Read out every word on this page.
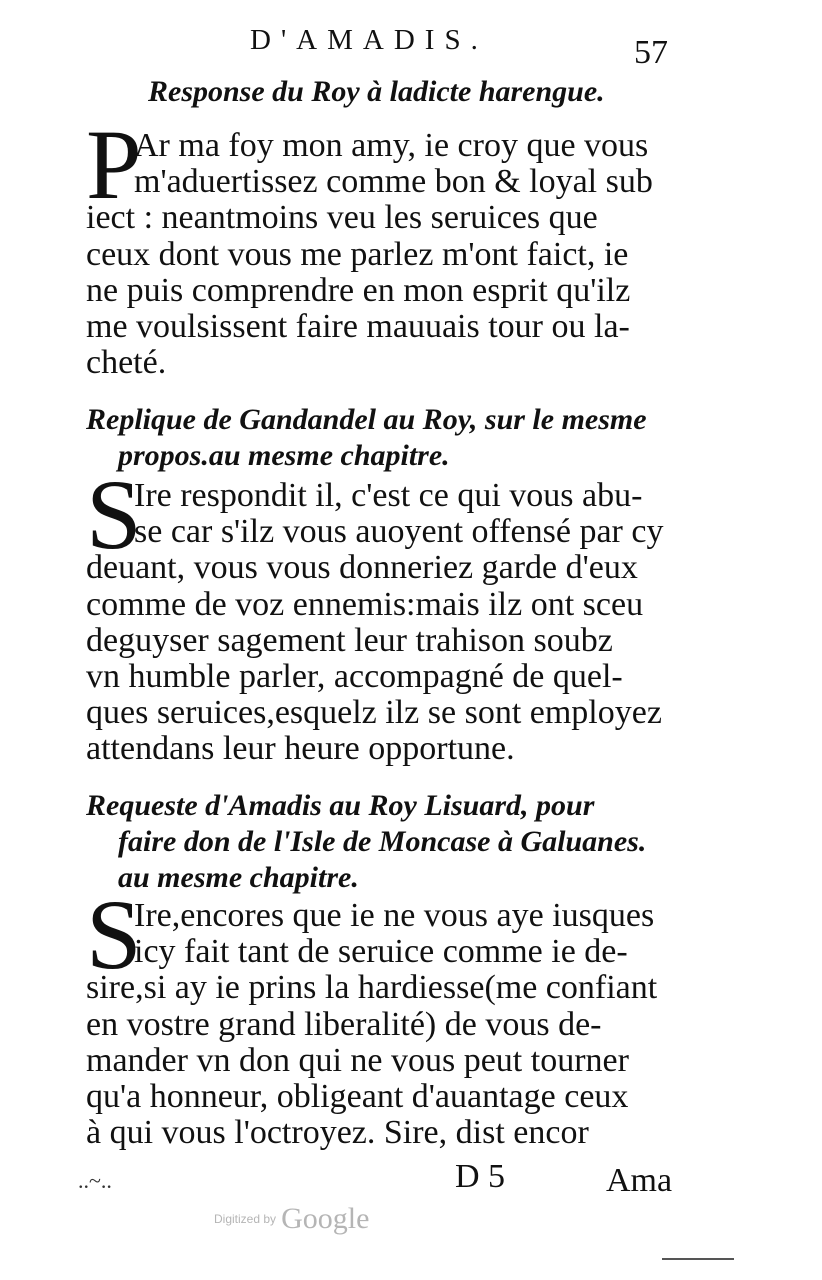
D'AMADIS.	57
Response du Roy à ladicte harengue.
P
Ar ma foy mon amy, ie croy que vous
m'aduertissez comme bon & loyal sub
iect : neantmoins veu les seruices que
ceux dont vous me parlez m'ont faict, ie
ne puis comprendre en mon esprit qu'ilz
me voulsissent faire mauuais tour ou la-
cheté.
Replique de Gandandel au Roy, sur le mesme
propos.au mesme chapitre.
S
Ire respondit il, c'est ce qui vous abu-
se car s'ilz vous auoyent offensé par cy
deuant, vous vous donneriez garde d'eux
comme de voz ennemis:mais ilz ont sceu
deguyser sagement leur trahison soubz
vn humble parler, accompagné de quel-
ques seruices,esquelz ilz se sont employez
attendans leur heure opportune.
Requeste d'Amadis au Roy Lisuard, pour
faire don de l'Isle de Moncase à Galuanes.
au mesme chapitre.
S
Ire,encores que ie ne vous aye iusques
icy fait tant de seruice comme ie de-
sire,si ay ie prins la hardiesse(me confiant
en vostre grand liberalité) de vous de-
mander vn don qui ne vous peut tourner
qu'a honneur, obligeant d'auantage ceux
à qui vous l'octroyez. Sire, dist encor
..~..	D 5	Ama
Digitized by Google
